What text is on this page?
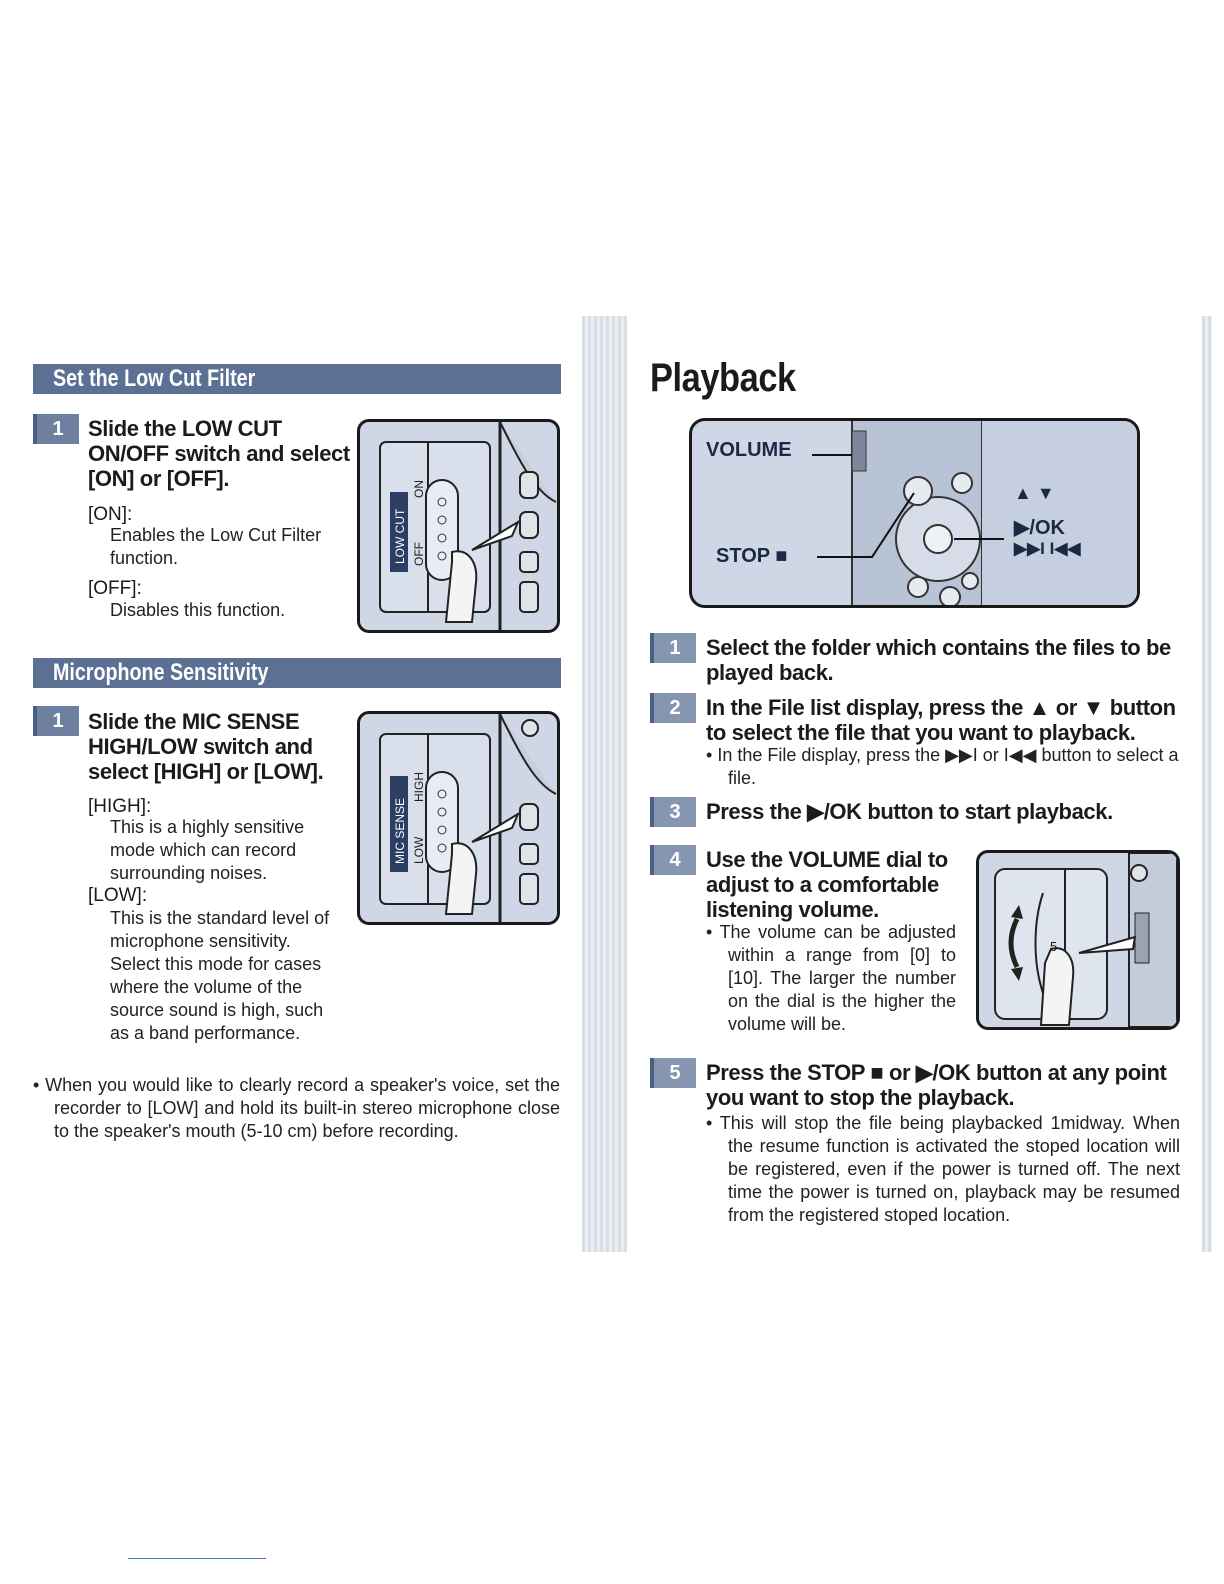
Set the Low Cut Filter
1	Slide the LOW CUT ON/OFF switch and select [ON] or [OFF].
[ON]:
Enables the Low Cut Filter function.
[OFF]:
Disables this function.
LOW CUT OFF
ON
Microphone Sensitivity
1	Slide the MIC SENSE HIGH/LOW switch and select [HIGH] or [LOW].
[HIGH]:
This is a highly sensitive mode which can record surrounding noises.
[LOW]:
This is the standard level of microphone sensitivity. Select this mode for cases where the volume of the source sound is high, such as a band performance.
MIC SENSE LOW
HIGH
• When you would like to clearly record a speaker's voice, set the recorder to [LOW] and hold its built-in stereo microphone close to the speaker's mouth (5-10 cm) before recording.
Playback
VOLUME
STOP ■
▲ ▼
▶/OK
▶▶I I◀◀
1	Select the folder which contains the files to be played back.
2	In the File list display, press the ▲ or ▼ button to select the file that you want to playback.
• In the File display, press the ▶▶I or I◀◀ button to select a file.
3	Press the ▶/OK button to start playback.
4	Use the VOLUME dial to adjust to a comfortable listening volume.
• The volume can be adjusted within a range from [0] to [10]. The larger the number on the dial is the higher the volume will be.
5
5	Press the STOP ■ or ▶/OK button at any point you want to stop the playback.
• This will stop the file being playbacked 1midway. When the resume function is activated the stoped location will be registered, even if the power is turned off. The next time the power is turned on, playback may be resumed from the registered stoped location.
